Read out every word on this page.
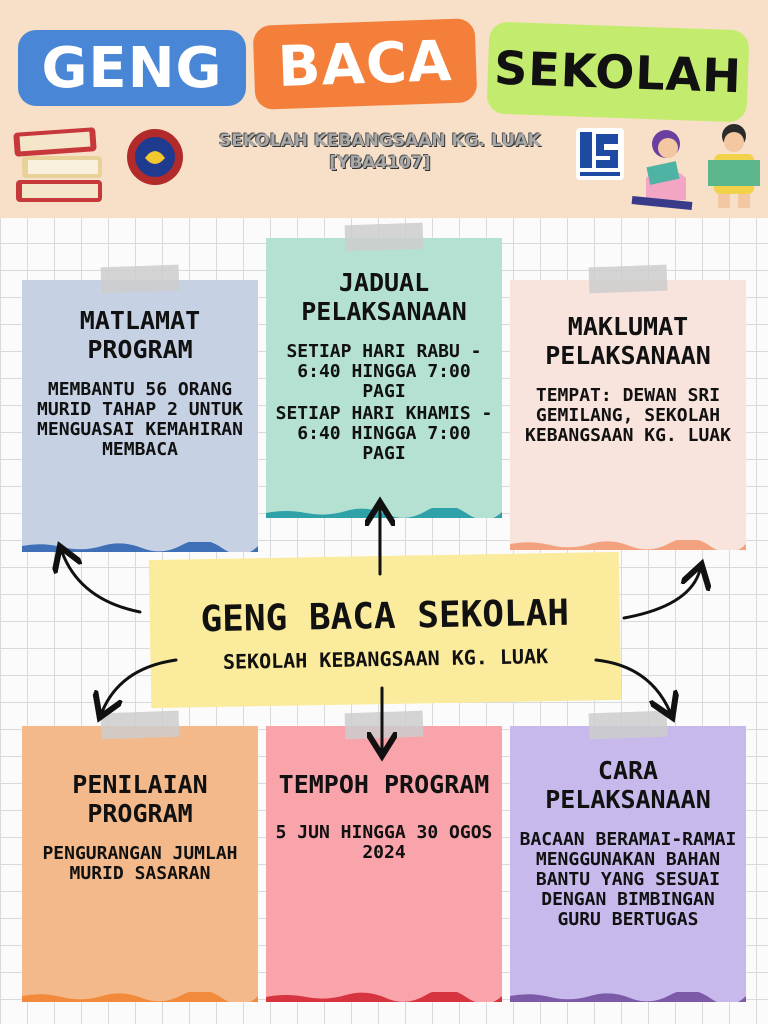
GENG BACA SEKOLAH
SEKOLAH KEBANGSAAN KG. LUAK
[YBA4107]
MATLAMAT PROGRAM
MEMBANTU 56 ORANG MURID TAHAP 2 UNTUK MENGUASAI KEMAHIRAN MEMBACA
JADUAL PELAKSANAAN
SETIAP HARI RABU - 6:40 HINGGA 7:00 PAGI
SETIAP HARI KHAMIS - 6:40 HINGGA 7:00 PAGI
MAKLUMAT PELAKSANAAN
TEMPAT: DEWAN SRI GEMILANG, SEKOLAH KEBANGSAAN KG. LUAK
PENILAIAN PROGRAM
PENGURANGAN JUMLAH MURID SASARAN
TEMPOH PROGRAM
5 JUN HINGGA 30 OGOS 2024
CARA PELAKSANAAN
BACAAN BERAMAI-RAMAI MENGGUNAKAN BAHAN BANTU YANG SESUAI DENGAN BIMBINGAN GURU BERTUGAS
GENG BACA SEKOLAH
SEKOLAH KEBANGSAAN KG. LUAK
